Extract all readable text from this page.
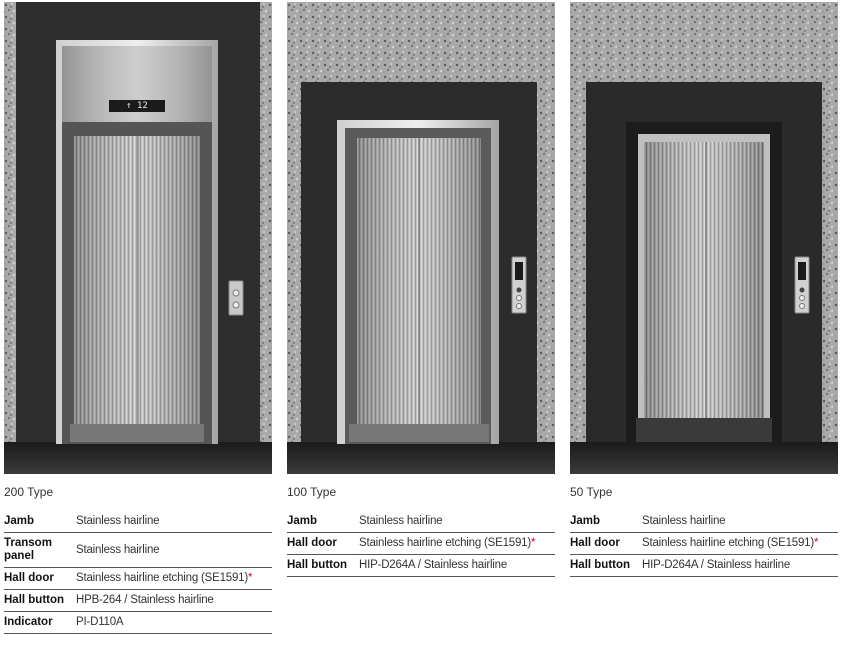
↑ 12
200 Type
Jamb	Stainless hairline
Transom panel	Stainless hairline
Hall door	Stainless hairline etching (SE1591)*
Hall button	HPB-264 / Stainless hairline
Indicator	PI-D110A
100 Type
Jamb	Stainless hairline
Hall door	Stainless hairline etching (SE1591)*
Hall button	HIP-D264A / Stainless hairline
50 Type
Jamb	Stainless hairline
Hall door	Stainless hairline etching (SE1591)*
Hall button	HIP-D264A / Stainless hairline
